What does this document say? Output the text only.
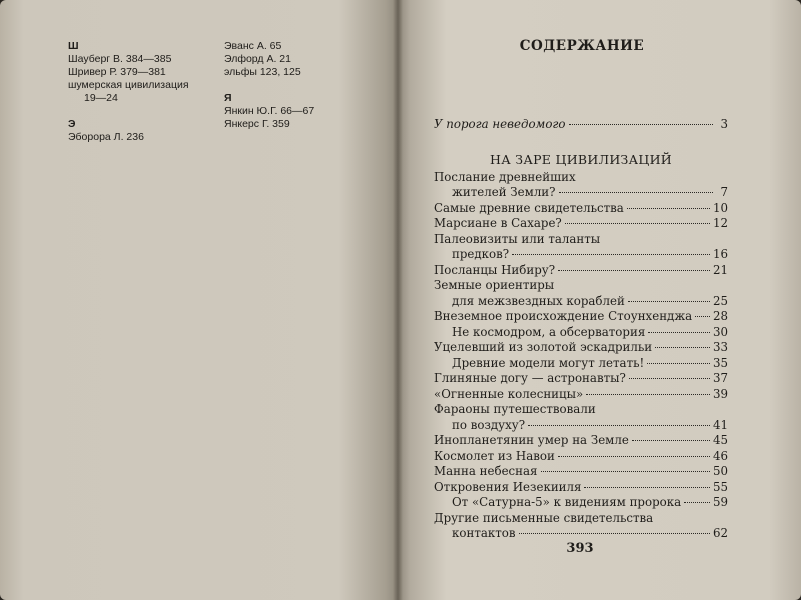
Ш

Шауберг В. 384—385

Шривер Р. 379—381

шумерская цивилизация

19—24

Э

Эборора Л. 236

Эванс А. 65

Элфорд А. 21

эльфы 123, 125

Я

Янкин Ю.Г. 66—67

Янкерс Г. 359

СОДЕРЖАНИЕ
У порога неведомого	3

НА ЗАРЕ ЦИВИЛИЗАЦИЙ

Послание древнейших

жителей Земли?	7
Самые древние свидетельства	10
Марсиане в Сахаре?	12

Палеовизиты или таланты

предков?	16
Посланцы Нибиру?	21

Земные ориентиры

для межзвездных кораблей	25
Внеземное происхождение Стоунхенджа 28
Не космодром, а обсерватория	30
Уцелевший из золотой эскадрильи	33
Древние модели могут летать!	35
Глиняные догу — астронавты?	37
«Огненные колесницы»	39

Фараоны путешествовали

по воздуху?	41
Инопланетянин умер на Земле	45
Космолет из Навои	46
Манна небесная	50
Откровения Иезекииля	55
От «Сатурна-5» к видениям пророка	59

Другие письменные свидетельства

контактов	62

393
